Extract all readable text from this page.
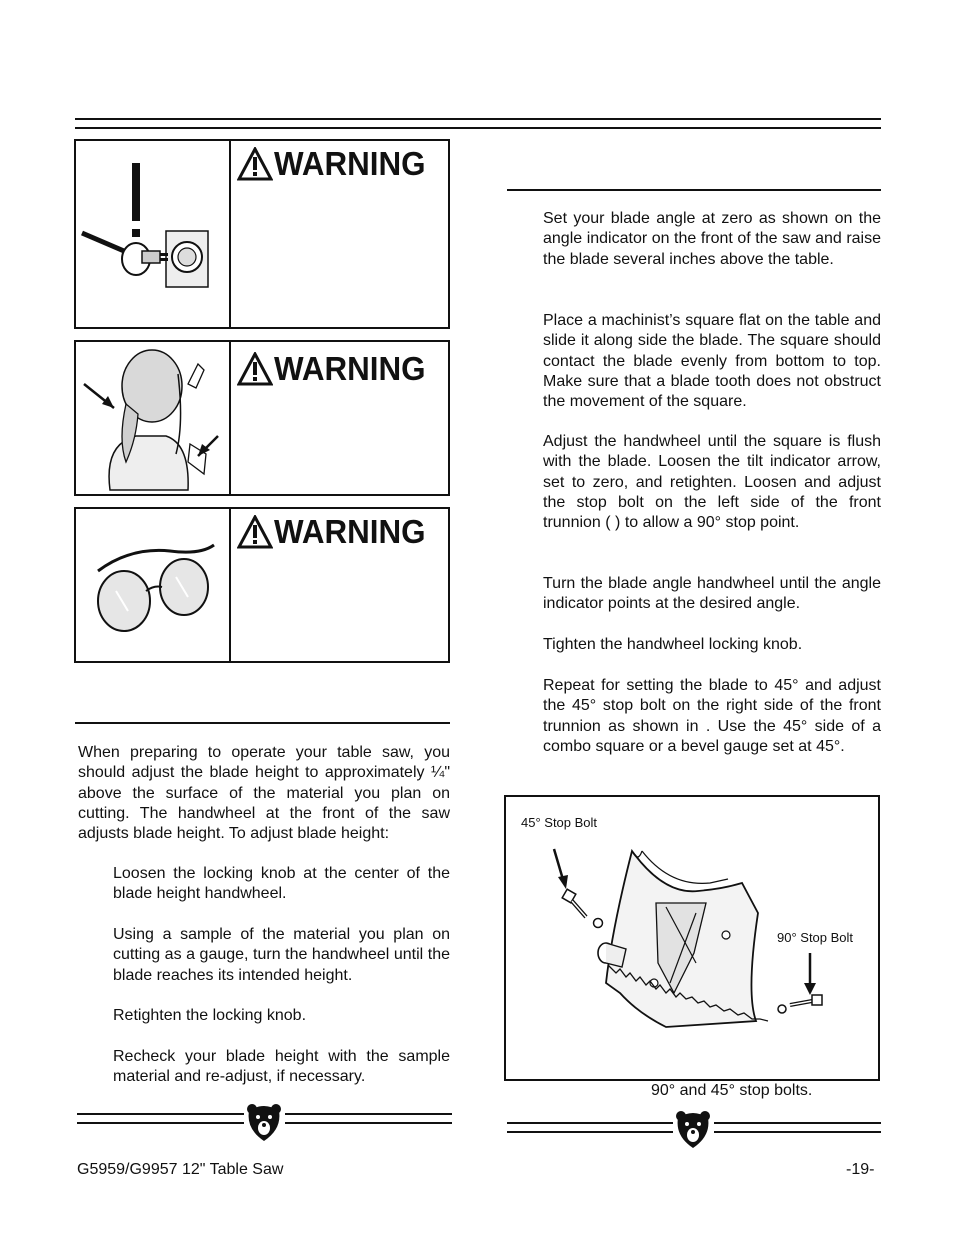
WARNING
WARNING
WARNING

When preparing to operate your table saw, you should adjust the blade height to approximately ¼" above the surface of the material you plan on cutting. The handwheel at the front of the saw adjusts blade height. To adjust blade height:

Loosen the locking knob at the center of the blade height handwheel.

Using a sample of the material you plan on cutting as a gauge, turn the handwheel until the blade reaches its intended height.

Retighten the locking knob.

Recheck your blade height with the sample material and re-adjust, if necessary.

Set your blade angle at zero as shown on the angle indicator on the front of the saw and raise the blade several inches above the table.

Place a machinist’s square flat on the table and slide it along side the blade. The square should contact the blade evenly from bottom to top. Make sure that a blade tooth does not obstruct the movement of the square.

Adjust the handwheel until the square is flush with the blade. Loosen the tilt indicator arrow, set to zero, and retighten. Loosen and adjust the stop bolt on the left side of the front trunnion ( ) to allow a 90° stop point.

Turn the blade angle handwheel until the angle indicator points at the desired angle.

Tighten the handwheel locking knob.

Repeat for setting the blade to 45° and adjust the 45° stop bolt on the right side of the front trunnion as shown in . Use the 45° side of a combo square or a bevel gauge set at 45°.

45° Stop Bolt
90° Stop Bolt
90° and 45° stop bolts.
G5959/G9957 12" Table Saw	-19-
